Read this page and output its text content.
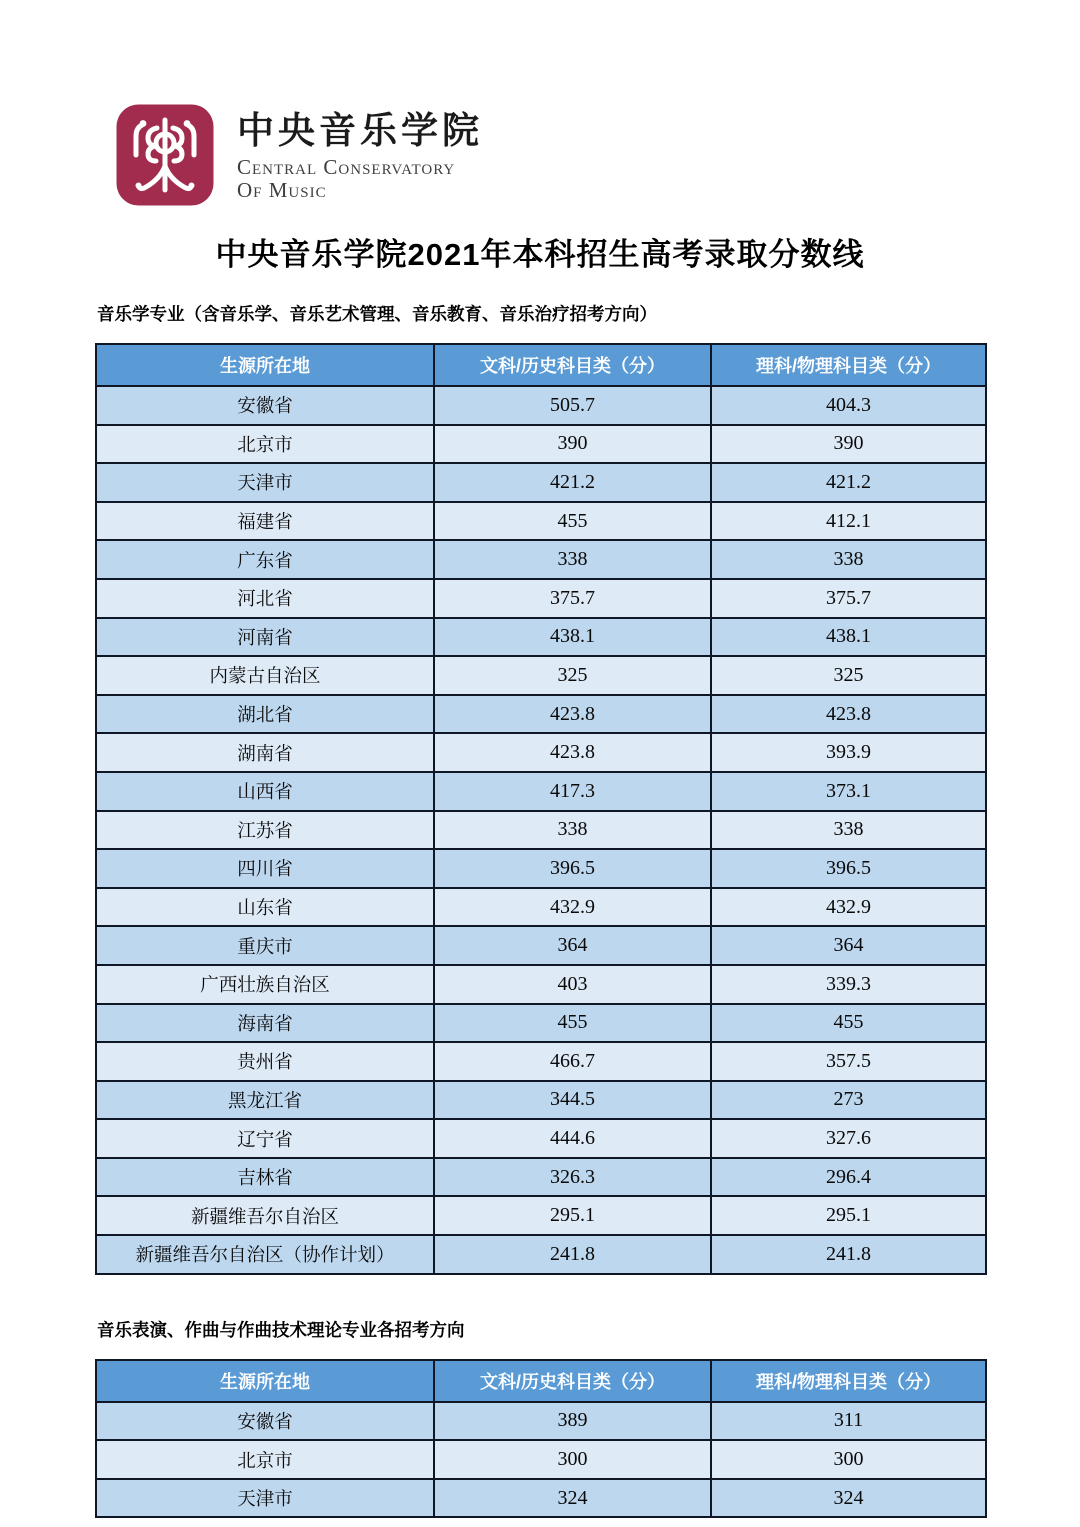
中央音乐学院
Central Conservatory
Of Music
中央音乐学院2021年本科招生高考录取分数线
音乐学专业（含音乐学、音乐艺术管理、音乐教育、音乐治疗招考方向）
生源所在地	文科/历史科目类（分）	理科/物理科目类（分）
安徽省	505.7	404.3
北京市	390	390
天津市	421.2	421.2
福建省	455	412.1
广东省	338	338
河北省	375.7	375.7
河南省	438.1	438.1
内蒙古自治区	325	325
湖北省	423.8	423.8
湖南省	423.8	393.9
山西省	417.3	373.1
江苏省	338	338
四川省	396.5	396.5
山东省	432.9	432.9
重庆市	364	364
广西壮族自治区	403	339.3
海南省	455	455
贵州省	466.7	357.5
黑龙江省	344.5	273
辽宁省	444.6	327.6
吉林省	326.3	296.4
新疆维吾尔自治区	295.1	295.1
新疆维吾尔自治区（协作计划）	241.8	241.8
音乐表演、作曲与作曲技术理论专业各招考方向
生源所在地	文科/历史科目类（分）	理科/物理科目类（分）
安徽省	389	311
北京市	300	300
天津市	324	324
